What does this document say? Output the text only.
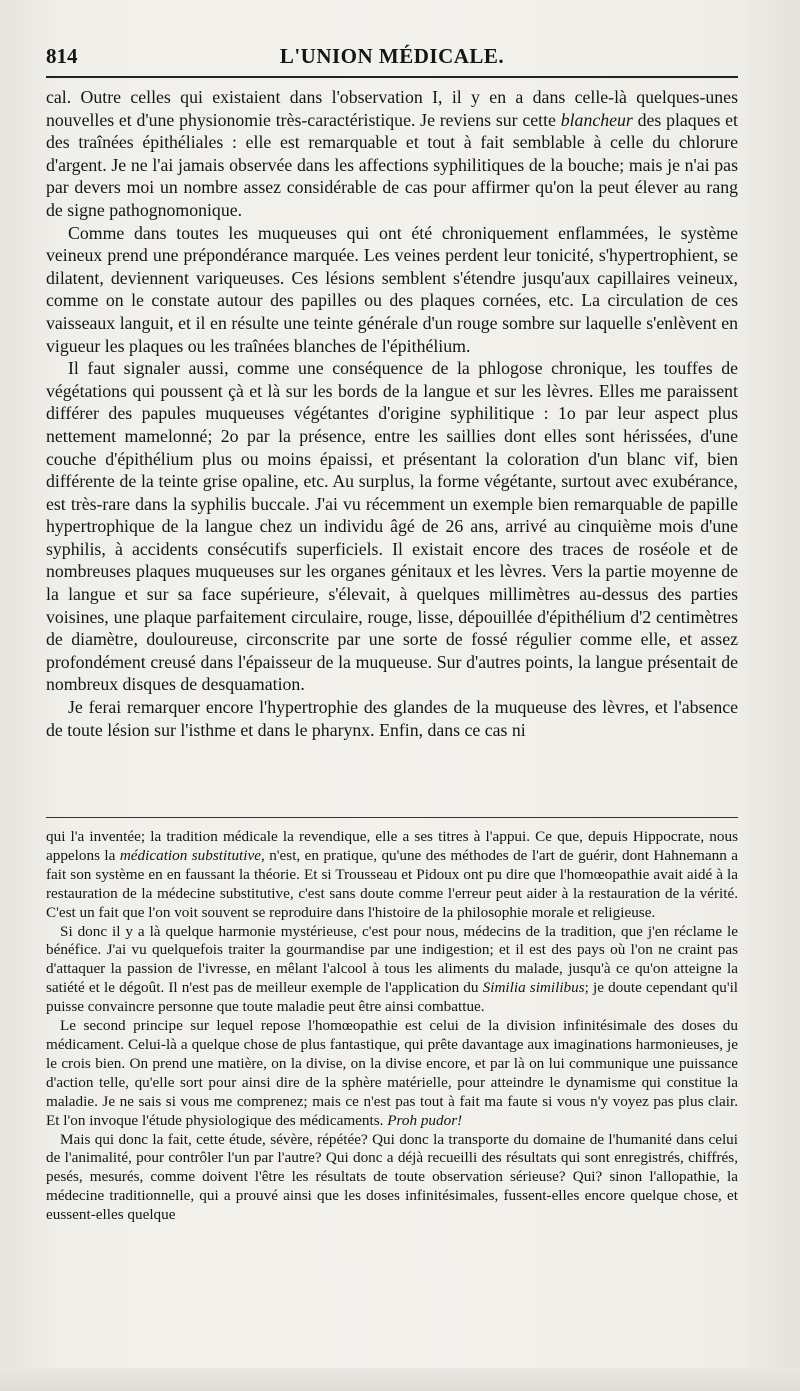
814	L'UNION MÉDICALE.

cal. Outre celles qui existaient dans l'observation I, il y en a dans celle-là quelques-unes nouvelles et d'une physionomie très-caractéristique. Je reviens sur cette blancheur des plaques et des traînées épithéliales : elle est remarquable et tout à fait semblable à celle du chlorure d'argent. Je ne l'ai jamais observée dans les affections syphilitiques de la bouche; mais je n'ai pas par devers moi un nombre assez considérable de cas pour affirmer qu'on la peut élever au rang de signe pathognomonique.

Comme dans toutes les muqueuses qui ont été chroniquement enflammées, le système veineux prend une prépondérance marquée. Les veines perdent leur tonicité, s'hypertrophient, se dilatent, deviennent variqueuses. Ces lésions semblent s'étendre jusqu'aux capillaires veineux, comme on le constate autour des papilles ou des plaques cornées, etc. La circulation de ces vaisseaux languit, et il en résulte une teinte générale d'un rouge sombre sur laquelle s'enlèvent en vigueur les plaques ou les traînées blanches de l'épithélium.

Il faut signaler aussi, comme une conséquence de la phlogose chronique, les touffes de végétations qui poussent çà et là sur les bords de la langue et sur les lèvres. Elles me paraissent différer des papules muqueuses végétantes d'origine syphilitique : 1o par leur aspect plus nettement mamelonné; 2o par la présence, entre les saillies dont elles sont hérissées, d'une couche d'épithélium plus ou moins épaissi, et présentant la coloration d'un blanc vif, bien différente de la teinte grise opaline, etc. Au surplus, la forme végétante, surtout avec exubérance, est très-rare dans la syphilis buccale. J'ai vu récemment un exemple bien remarquable de papille hypertrophique de la langue chez un individu âgé de 26 ans, arrivé au cinquième mois d'une syphilis, à accidents consécutifs superficiels. Il existait encore des traces de roséole et de nombreuses plaques muqueuses sur les organes génitaux et les lèvres. Vers la partie moyenne de la langue et sur sa face supérieure, s'élevait, à quelques millimètres au-dessus des parties voisines, une plaque parfaitement circulaire, rouge, lisse, dépouillée d'épithélium d'2 centimètres de diamètre, douloureuse, circonscrite par une sorte de fossé régulier comme elle, et assez profondément creusé dans l'épaisseur de la muqueuse. Sur d'autres points, la langue présentait de nombreux disques de desquamation.

Je ferai remarquer encore l'hypertrophie des glandes de la muqueuse des lèvres, et l'absence de toute lésion sur l'isthme et dans le pharynx. Enfin, dans ce cas ni

qui l'a inventée; la tradition médicale la revendique, elle a ses titres à l'appui. Ce que, depuis Hippocrate, nous appelons la médication substitutive, n'est, en pratique, qu'une des méthodes de l'art de guérir, dont Hahnemann a fait son système en en faussant la théorie. Et si Trousseau et Pidoux ont pu dire que l'homœopathie avait aidé à la restauration de la médecine substitutive, c'est sans doute comme l'erreur peut aider à la restauration de la vérité. C'est un fait que l'on voit souvent se reproduire dans l'histoire de la philosophie morale et religieuse.

Si donc il y a là quelque harmonie mystérieuse, c'est pour nous, médecins de la tradition, que j'en réclame le bénéfice. J'ai vu quelquefois traiter la gourmandise par une indigestion; et il est des pays où l'on ne craint pas d'attaquer la passion de l'ivresse, en mêlant l'alcool à tous les aliments du malade, jusqu'à ce qu'on atteigne la satiété et le dégoût. Il n'est pas de meilleur exemple de l'application du Similia similibus; je doute cependant qu'il puisse convaincre personne que toute maladie peut être ainsi combattue.

Le second principe sur lequel repose l'homœopathie est celui de la division infinitésimale des doses du médicament. Celui-là a quelque chose de plus fantastique, qui prête davantage aux imaginations harmonieuses, je le crois bien. On prend une matière, on la divise, on la divise encore, et par là on lui communique une puissance d'action telle, qu'elle sort pour ainsi dire de la sphère matérielle, pour atteindre le dynamisme qui constitue la maladie. Je ne sais si vous me comprenez; mais ce n'est pas tout à fait ma faute si vous n'y voyez pas plus clair. Et l'on invoque l'étude physiologique des médicaments. Proh pudor!

Mais qui donc la fait, cette étude, sévère, répétée? Qui donc la transporte du domaine de l'humanité dans celui de l'animalité, pour contrôler l'un par l'autre? Qui donc a déjà recueilli des résultats qui sont enregistrés, chiffrés, pesés, mesurés, comme doivent l'être les résultats de toute observation sérieuse? Qui? sinon l'allopathie, la médecine traditionnelle, qui a prouvé ainsi que les doses infinitésimales, fussent-elles encore quelque chose, et eussent-elles quelque
